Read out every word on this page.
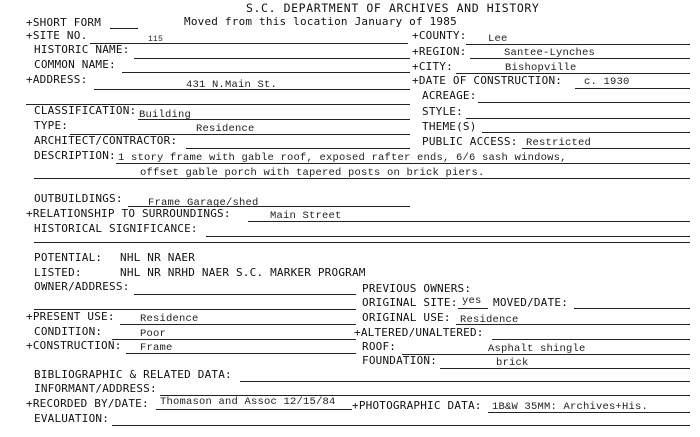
S.C. DEPARTMENT OF ARCHIVES AND HISTORY
Moved from this location January of 1985
+SHORT FORM
+SITE NO.	115	+COUNTY: Lee
HISTORIC NAME:	+REGION:	Santee-Lynches
COMMON NAME:	+CITY:	Bishopville
+ADDRESS:	431 N.Main St.	+DATE OF CONSTRUCTION: c. 1930
ACREAGE:
CLASSIFICATION: Building	STYLE:
TYPE:	Residence	THEME(S)
ARCHITECT/CONTRACTOR:	PUBLIC ACCESS: Restricted
DESCRIPTION: 1 story frame with gable roof, exposed rafter ends, 6/6 sash windows,
offset gable porch with tapered posts on brick piers.
OUTBUILDINGS: Frame Garage/shed
+RELATIONSHIP TO SURROUNDINGS:	Main Street
HISTORICAL SIGNIFICANCE:
POTENTIAL: NHL NR NAER
LISTED:	NHL NR NRHD NAER S.C. MARKER PROGRAM
OWNER/ADDRESS:	PREVIOUS OWNERS:
ORIGINAL SITE: yes MOVED/DATE:
+PRESENT USE: Residence	ORIGINAL USE: Residence
CONDITION:	Poor	+ALTERED/UNALTERED:
+CONSTRUCTION: Frame	ROOF:	Asphalt shingle
FOUNDATION:	brick
BIBLIOGRAPHIC & RELATED DATA:
INFORMANT/ADDRESS:
+RECORDED BY/DATE: Thomason and Assoc 12/15/84 +PHOTOGRAPHIC DATA: 1B&W 35MM: Archives+His.
EVALUATION:
